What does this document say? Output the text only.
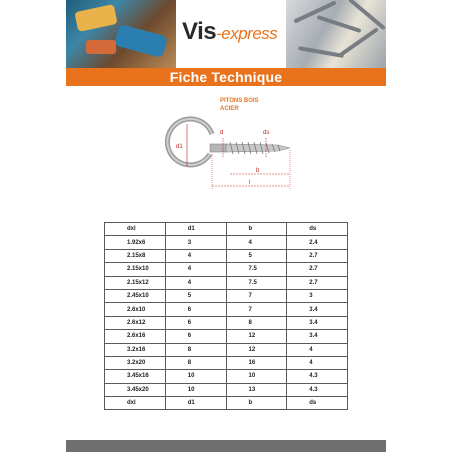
Vis-express
Fiche Technique
PITONS BOIS
ACIER
d1
d	ds
b
l
dxl	d1	b	ds
1.92x6	3	4	2.4
2.15x8	4	5	2.7
2.15x10	4	7.5	2.7
2.15x12	4	7.5	2.7
2.45x10	5	7	3
2.6x10	6	7	3.4
2.6x12	6	8	3.4
2.6x16	6	12	3.4
3.2x16	8	12	4
3.2x20	8	16	4
3.45x16	10	10	4.3
3.45x20	10	13	4.3
dxl	d1	b	ds
